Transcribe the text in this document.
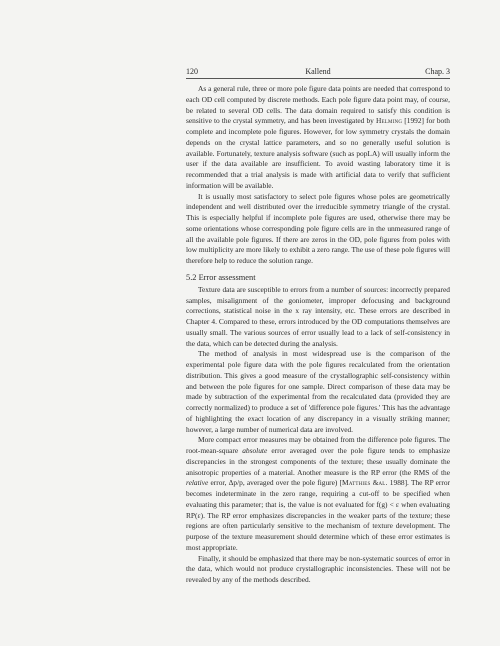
120	Kallend	Chap. 3

As a general rule, three or more pole figure data points are needed that correspond to each OD cell computed by discrete methods. Each pole figure data point may, of course, be related to several OD cells. The data domain required to satisfy this condition is sensitive to the crystal symmetry, and has been investigated by Helming [1992] for both complete and incomplete pole figures. However, for low symmetry crystals the domain depends on the crystal lattice parameters, and so no generally useful solution is available. Fortunately, texture analysis software (such as popLA) will usually inform the user if the data available are insufficient. To avoid wasting laboratory time it is recommended that a trial analysis is made with artificial data to verify that sufficient information will be available.

It is usually most satisfactory to select pole figures whose poles are geometrically independent and well distributed over the irreducible symmetry triangle of the crystal. This is especially helpful if incomplete pole figures are used, otherwise there may be some orientations whose corresponding pole figure cells are in the unmeasured range of all the available pole figures. If there are zeros in the OD, pole figures from poles with low multiplicity are more likely to exhibit a zero range. The use of these pole figures will therefore help to reduce the solution range.

5.2 Error assessment

Texture data are susceptible to errors from a number of sources: incorrectly prepared samples, misalignment of the goniometer, improper defocusing and background corrections, statistical noise in the x ray intensity, etc. These errors are described in Chapter 4. Compared to these, errors introduced by the OD computations themselves are usually small. The various sources of error usually lead to a lack of self-consistency in the data, which can be detected during the analysis.

The method of analysis in most widespread use is the comparison of the experimental pole figure data with the pole figures recalculated from the orientation distribution. This gives a good measure of the crystallographic self-consistency within and between the pole figures for one sample. Direct comparison of these data may be made by subtraction of the experimental from the recalculated data (provided they are correctly normalized) to produce a set of 'difference pole figures.' This has the advantage of highlighting the exact location of any discrepancy in a visually striking manner; however, a large number of numerical data are involved.

More compact error measures may be obtained from the difference pole figures. The root-mean-square absolute error averaged over the pole figure tends to emphasize discrepancies in the strongest components of the texture; these usually dominate the anisotropic properties of a material. Another measure is the RP error (the RMS of the relative error, Δp/p, averaged over the pole figure) [Matthies &al. 1988]. The RP error becomes indeterminate in the zero range, requiring a cut-off to be specified when evaluating this parameter; that is, the value is not evaluated for f(g) < ε when evaluating RP(ε). The RP error emphasizes discrepancies in the weaker parts of the texture; these regions are often particularly sensitive to the mechanism of texture development. The purpose of the texture measurement should determine which of these error estimates is most appropriate.

Finally, it should be emphasized that there may be non-systematic sources of error in the data, which would not produce crystallographic inconsistencies. These will not be revealed by any of the methods described.
